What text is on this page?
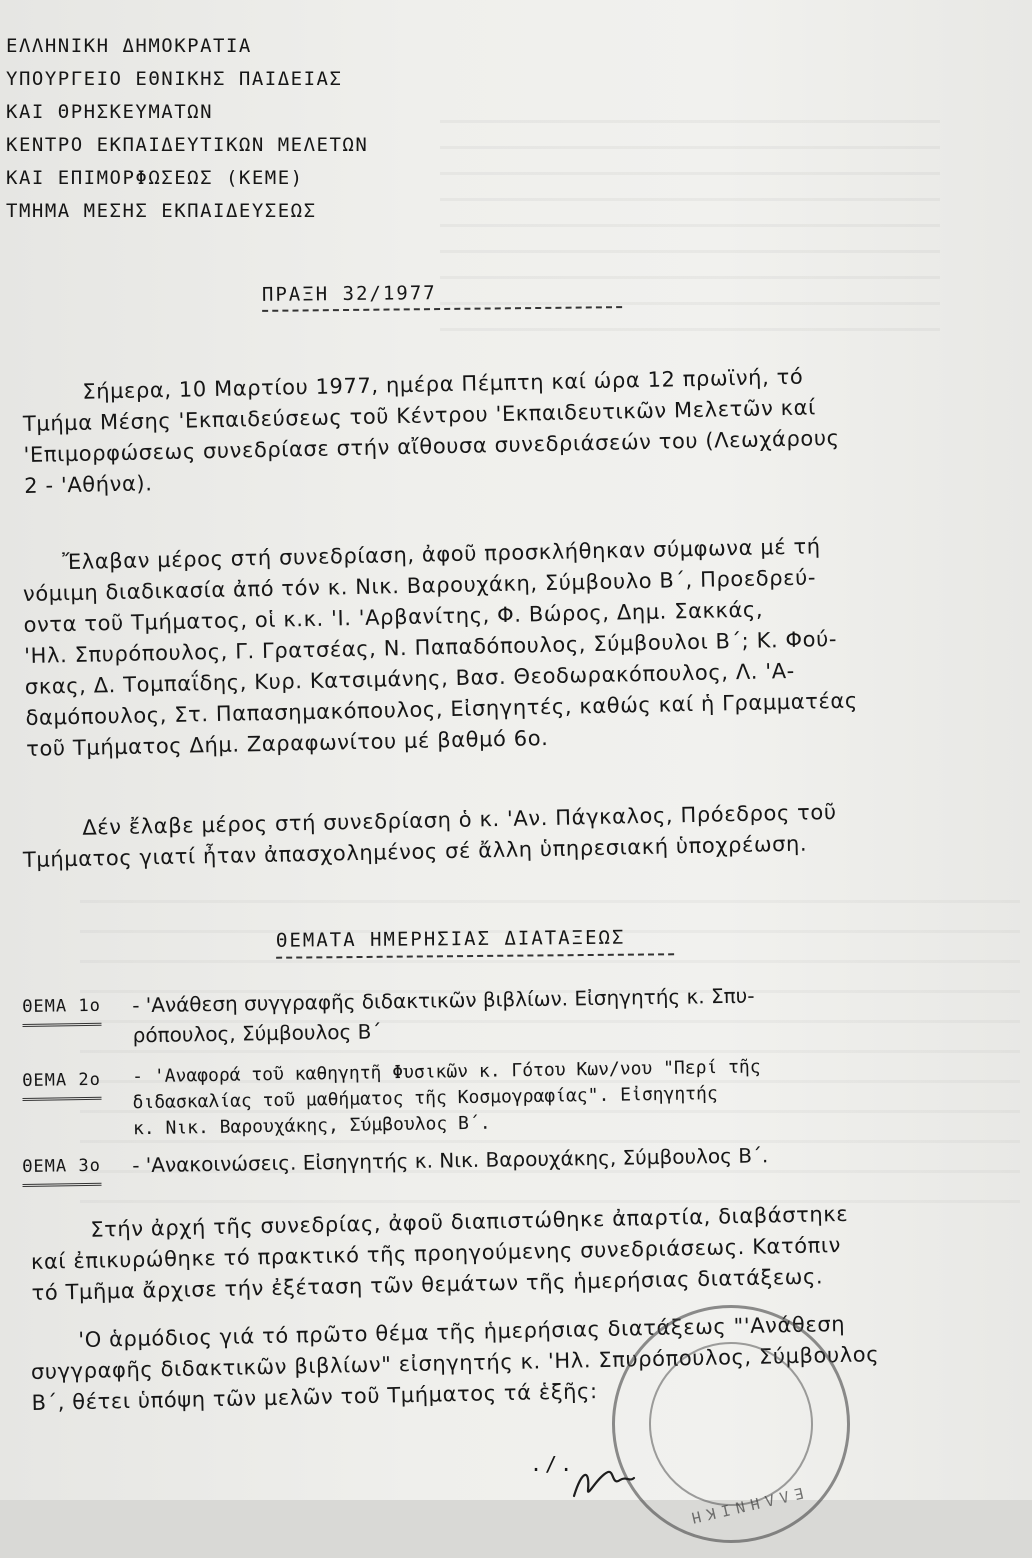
ΕΛΛΗΝΙΚΗ ΔΗΜΟΚΡΑΤΙΑ
ΥΠΟΥΡΓΕΙΟ ΕΘΝΙΚΗΣ ΠΑΙΔΕΙΑΣ
ΚΑΙ ΘΡΗΣΚΕΥΜΑΤΩΝ
ΚΕΝΤΡΟ ΕΚΠΑΙΔΕΥΤΙΚΩΝ ΜΕΛΕΤΩΝ
ΚΑΙ ΕΠΙΜΟΡΦΩΣΕΩΣ (ΚΕΜΕ)
ΤΜΗΜΑ ΜΕΣΗΣ ΕΚΠΑΙΔΕΥΣΕΩΣ
ΠΡΑΞΗ 32/1977
Σήμερα, 10 Μαρτίου 1977, ημέρα Πέμπτη καί ώρα 12 πρωϊνή, τό
Τμήμα Μέσης 'Εκπαιδεύσεως τοῦ Κέντρου 'Εκπαιδευτικῶν Μελετῶν καί
'Επιμορφώσεως συνεδρίασε στήν αἴθουσα συνεδριάσεών του (Λεωχάρους
2 - 'Αθήνα).
Ἔλαβαν μέρος στή συνεδρίαση, ἀφοῦ προσκλήθηκαν σύμφωνα μέ τή
νόμιμη διαδικασία ἀπό τόν κ. Νικ. Βαρουχάκη, Σύμβουλο Β΄, Προεδρεύ-
οντα τοῦ Τμήματος, οἱ κ.κ. 'Ι. 'Αρβανίτης, Φ. Βώρος, Δημ. Σακκάς,
'Ηλ. Σπυρόπουλος, Γ. Γρατσέας, Ν. Παπαδόπουλος, Σύμβουλοι Β΄; Κ. Φού-
σκας, Δ. Τομπαΐδης, Κυρ. Κατσιμάνης, Βασ. Θεοδωρακόπουλος, Λ. 'Α-
δαμόπουλος, Στ. Παπασημακόπουλος, Εἰσηγητές, καθώς καί ἡ Γραμματέας
τοῦ Τμήματος Δήμ. Ζαραφωνίτου μέ βαθμό 6ο.
Δέν ἔλαβε μέρος στή συνεδρίαση ὁ κ. 'Αν. Πάγκαλος, Πρόεδρος τοῦ
Τμήματος γιατί ἦταν ἀπασχολημένος σέ ἄλλη ὑπηρεσιακή ὑποχρέωση.
ΘΕΜΑΤΑ ΗΜΕΡΗΣΙΑΣ ΔΙΑΤΑΞΕΩΣ
ΘΕΜΑ 1ο - 'Ανάθεση συγγραφῆς διδακτικῶν βιβλίων. Εἰσηγητής κ. Σπυ-
ρόπουλος, Σύμβουλος Β΄
ΘΕΜΑ 2ο - 'Αναφορά τοῦ καθηγητῆ Φυσικῶν κ. Γότου Κων/νου "Περί τῆς
διδασκαλίας τοῦ μαθήματος τῆς Κοσμογραφίας". Εἰσηγητής
κ. Νικ. Βαρουχάκης, Σύμβουλος Β΄.
ΘΕΜΑ 3ο - 'Ανακοινώσεις. Εἰσηγητής κ. Νικ. Βαρουχάκης, Σύμβουλος Β΄.
Στήν ἀρχή τῆς συνεδρίας, ἀφοῦ διαπιστώθηκε ἀπαρτία, διαβάστηκε
καί ἐπικυρώθηκε τό πρακτικό τῆς προηγούμενης συνεδριάσεως. Κατόπιν
τό Τμῆμα ἄρχισε τήν ἐξέταση τῶν θεμάτων τῆς ἡμερήσιας διατάξεως.
'Ο ἁρμόδιος γιά τό πρῶτο θέμα τῆς ἡμερήσιας διατάξεως "'Ανάθεση
συγγραφῆς διδακτικῶν βιβλίων" εἰσηγητής κ. 'Ηλ. Σπυρόπουλος, Σύμβουλος
Β΄, θέτει ὑπόψη τῶν μελῶν τοῦ Τμήματος τά ἑξῆς:
ΕΛΛΗΝΙΚΗ
./.
